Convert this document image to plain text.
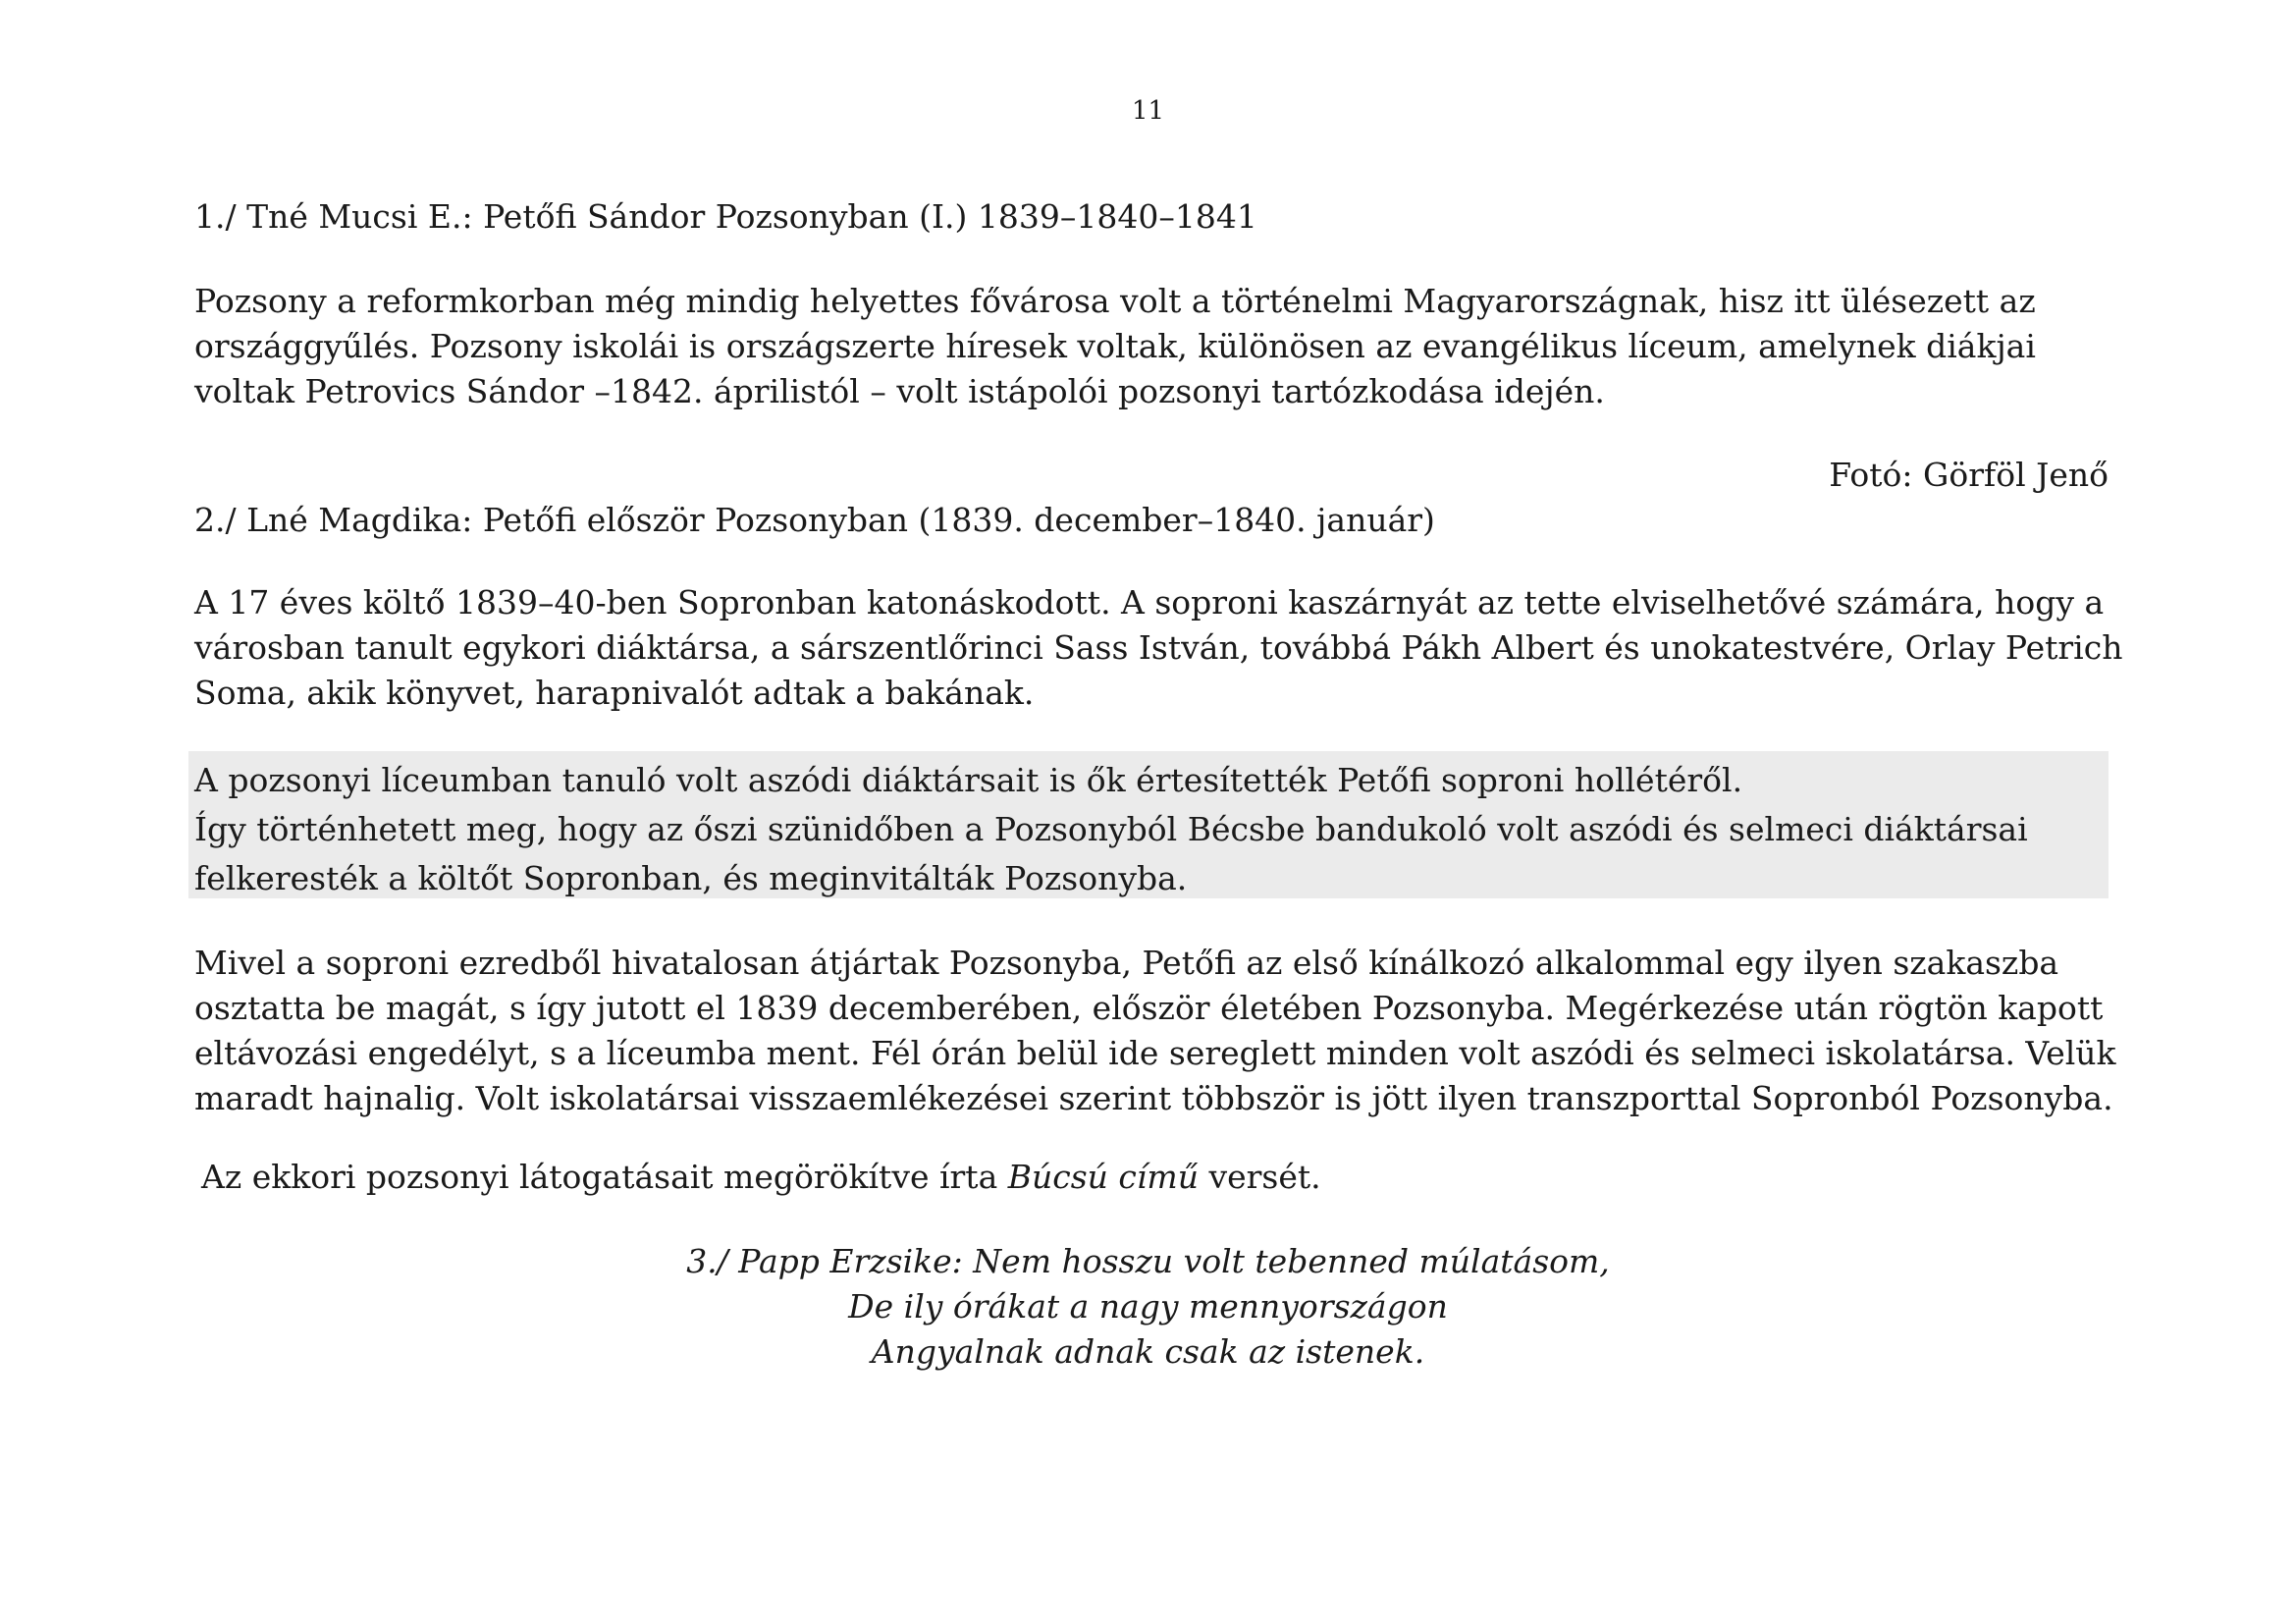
11

1./ Tné Mucsi E.: Petőfi Sándor Pozsonyban (I.) 1839–1840–1841

Pozsony a reformkorban még mindig helyettes fővárosa volt a történelmi Magyarországnak, hisz itt ülésezett az
országgyűlés. Pozsony iskolái is országszerte híresek voltak, különösen az evangélikus líceum, amelynek diákjai
voltak Petrovics Sándor –1842. áprilistól – volt istápolói pozsonyi tartózkodása idején.

Fotó: Görföl Jenő

2./ Lné Magdika: Petőfi először Pozsonyban (1839. december–1840. január)

A 17 éves költő 1839–40-ben Sopronban katonáskodott. A soproni kaszárnyát az tette elviselhetővé számára, hogy a
városban tanult egykori diáktársa, a sárszentlőrinci Sass István, továbbá Pákh Albert és unokatestvére, Orlay Petrich
Soma, akik könyvet, harapnivalót adtak a bakának.

A pozsonyi líceumban tanuló volt aszódi diáktársait is ők értesítették Petőfi soproni hollétéről.
Így történhetett meg, hogy az őszi szünidőben a Pozsonyból Bécsbe bandukoló volt aszódi és selmeci diáktársai
felkeresték a költőt Sopronban, és meginvitálták Pozsonyba.

Mivel a soproni ezredből hivatalosan átjártak Pozsonyba, Petőfi az első kínálkozó alkalommal egy ilyen szakaszba
osztatta be magát, s így jutott el 1839 decemberében, először életében Pozsonyba. Megérkezése után rögtön kapott
eltávozási engedélyt, s a líceumba ment. Fél órán belül ide sereglett minden volt aszódi és selmeci iskolatársa. Velük
maradt hajnalig. Volt iskolatársai visszaemlékezései szerint többször is jött ilyen transzporttal Sopronból Pozsonyba.

Az ekkori pozsonyi látogatásait megörökítve írta Búcsú című versét.

3./ Papp Erzsike: Nem hosszu volt tebenned múlatásom,
De ily órákat a nagy mennyországon
Angyalnak adnak csak az istenek.
